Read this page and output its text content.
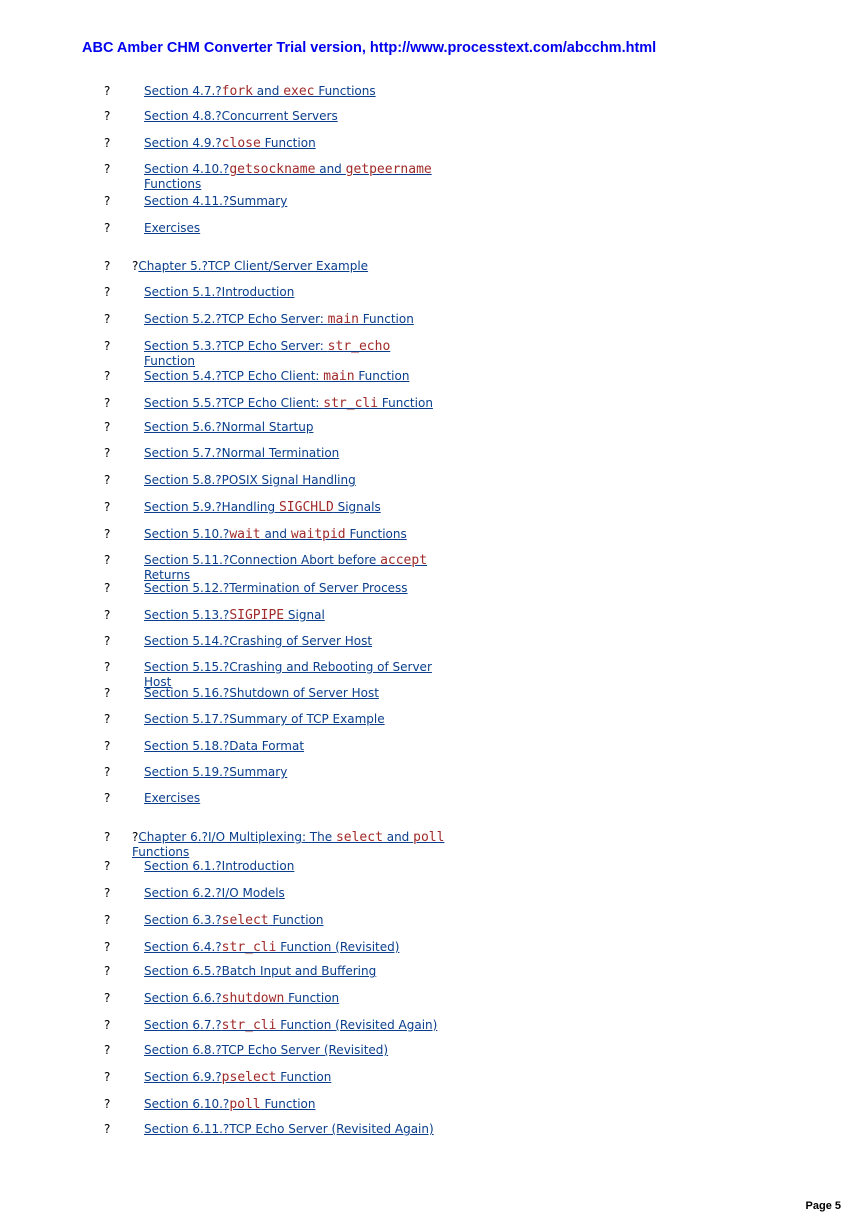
ABC Amber CHM Converter Trial version, http://www.processtext.com/abcchm.html
?	Section 4.7.?fork and exec Functions
?	Section 4.8.?Concurrent Servers
?	Section 4.9.?close Function
?	Section 4.10.?getsockname and getpeername Functions
?	Section 4.11.?Summary
?	Exercises
? ?Chapter 5.?TCP Client/Server Example
?	Section 5.1.?Introduction
?	Section 5.2.?TCP Echo Server: main Function
?	Section 5.3.?TCP Echo Server: str_echo Function
?	Section 5.4.?TCP Echo Client: main Function
?	Section 5.5.?TCP Echo Client: str_cli Function
?	Section 5.6.?Normal Startup
?	Section 5.7.?Normal Termination
?	Section 5.8.?POSIX Signal Handling
?	Section 5.9.?Handling SIGCHLD Signals
?	Section 5.10.?wait and waitpid Functions
?	Section 5.11.?Connection Abort before accept Returns
?	Section 5.12.?Termination of Server Process
?	Section 5.13.?SIGPIPE Signal
?	Section 5.14.?Crashing of Server Host
?	Section 5.15.?Crashing and Rebooting of Server Host
?	Section 5.16.?Shutdown of Server Host
?	Section 5.17.?Summary of TCP Example
?	Section 5.18.?Data Format
?	Section 5.19.?Summary
?	Exercises
? ?Chapter 6.?I/O Multiplexing: The select and poll Functions
?	Section 6.1.?Introduction
?	Section 6.2.?I/O Models
?	Section 6.3.?select Function
?	Section 6.4.?str_cli Function (Revisited)
?	Section 6.5.?Batch Input and Buffering
?	Section 6.6.?shutdown Function
?	Section 6.7.?str_cli Function (Revisited Again)
?	Section 6.8.?TCP Echo Server (Revisited)
?	Section 6.9.?pselect Function
?	Section 6.10.?poll Function
?	Section 6.11.?TCP Echo Server (Revisited Again)
Page 5
